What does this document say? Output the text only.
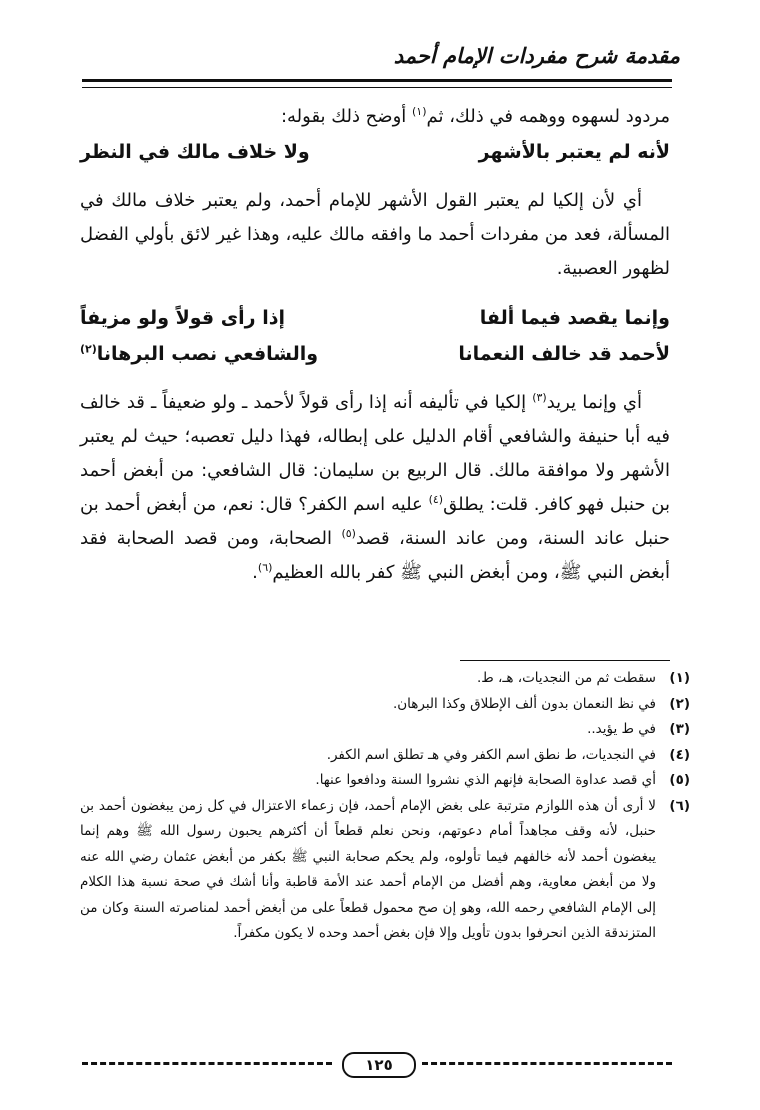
مقدمة شرح مفردات الإمام أحمد

مردود لسهوه ووهمه في ذلك، ثم$^{(١)}$ أوضح ذلك بقوله:

لأنه لم يعتبر بالأشهر
ولا خلاف مالك في النظر

أي لأن إلكيا لم يعتبر القول الأشهر للإمام أحمد، ولم يعتبر خلاف مالك في المسألة، فعد من مفردات أحمد ما وافقه مالك عليه، وهذا غير لائق بأولي الفضل لظهور العصبية.

وإنما يقصد فيما ألفا
إذا رأى قولاً ولو مزيفاً
لأحمد قد خالف النعمانا
والشافعي نصب البرهانا$^{(٢)}$

أي وإنما يريد$^{(٣)}$ إلكيا في تأليفه أنه إذا رأى قولاً لأحمد ـ ولو ضعيفاً ـ قد خالف فيه أبا حنيفة والشافعي أقام الدليل على إبطاله، فهذا دليل تعصبه؛ حيث لم يعتبر الأشهر ولا موافقة مالك. قال الربيع بن سليمان: قال الشافعي: من أبغض أحمد بن حنبل فهو كافر. قلت: يطلق$^{(٤)}$ عليه اسم الكفر؟ قال: نعم، من أبغض أحمد بن حنبل عاند السنة، ومن عاند السنة، قصد$^{(٥)}$ الصحابة، ومن قصد الصحابة فقد أبغض النبي ﷺ، ومن أبغض النبي ﷺ كفر بالله العظيم$^{(٦)}$.

(١)
سقطت ثم من النجديات، هـ، ط.
(٢)
في نظ النعمان بدون ألف الإطلاق وكذا البرهان.
(٣)
في ط يؤيد..
(٤)
في النجديات، ط نطق اسم الكفر وفي هـ تطلق اسم الكفر.
(٥)
أي قصد عداوة الصحابة فإنهم الذي نشروا السنة ودافعوا عنها.
(٦)
لا أرى أن هذه اللوازم مترتبة على بغض الإمام أحمد، فإن زعماء الاعتزال في كل زمن يبغضون أحمد بن حنبل، لأنه وقف مجاهداً أمام دعوتهم، ونحن نعلم قطعاً أن أكثرهم يحبون رسول الله ﷺ وهم إنما يبغضون أحمد لأنه خالفهم فيما تأولوه، ولم يحكم صحابة النبي ﷺ بكفر من أبغض عثمان رضي الله عنه ولا من أبغض معاوية، وهم أفضل من الإمام أحمد عند الأمة قاطبة وأنا أشك في صحة نسبة هذا الكلام إلى الإمام الشافعي رحمه الله، وهو إن صح محمول قطعاً على من أبغض أحمد لمناصرته السنة وكان من المتزندقة الذين انحرفوا بدون تأويل وإلا فإن بغض أحمد وحده لا يكون مكفراً.
١٢٥
